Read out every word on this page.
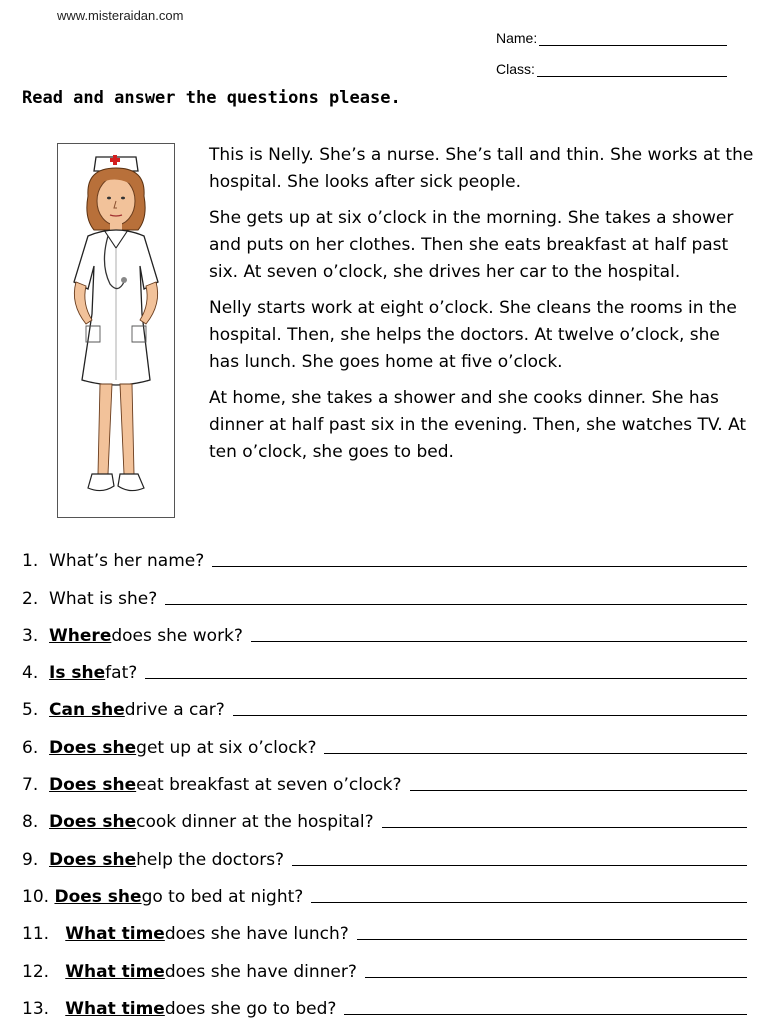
www.misteraidan.com
Name:
Class:
Read and answer the questions please.

This is Nelly. She’s a nurse. She’s tall and thin. She works at the hospital. She looks after sick people.

She gets up at six o’clock in the morning. She takes a shower and puts on her clothes. Then she eats breakfast at half past six. At seven o’clock, she drives her car to the hospital.

Nelly starts work at eight o’clock. She cleans the rooms in the hospital. Then, she helps the doctors. At twelve o’clock, she has lunch. She goes home at five o’clock.

At home, she takes a shower and she cooks dinner. She has dinner at half past six in the evening. Then, she watches TV. At ten o’clock, she goes to bed.

1.
What’s her name?
2.
What is she?
3.
Where does she work?
4.
Is she fat?
5.
Can she drive a car?
6.
Does she get up at six o’clock?
7.
Does she eat breakfast at seven o’clock?
8.
Does she cook dinner at the hospital?
9.
Does she help the doctors?
10.
Does she go to bed at night?
11.
What time does she have lunch?
12.
What time does she have dinner?
13.
What time does she go to bed?
